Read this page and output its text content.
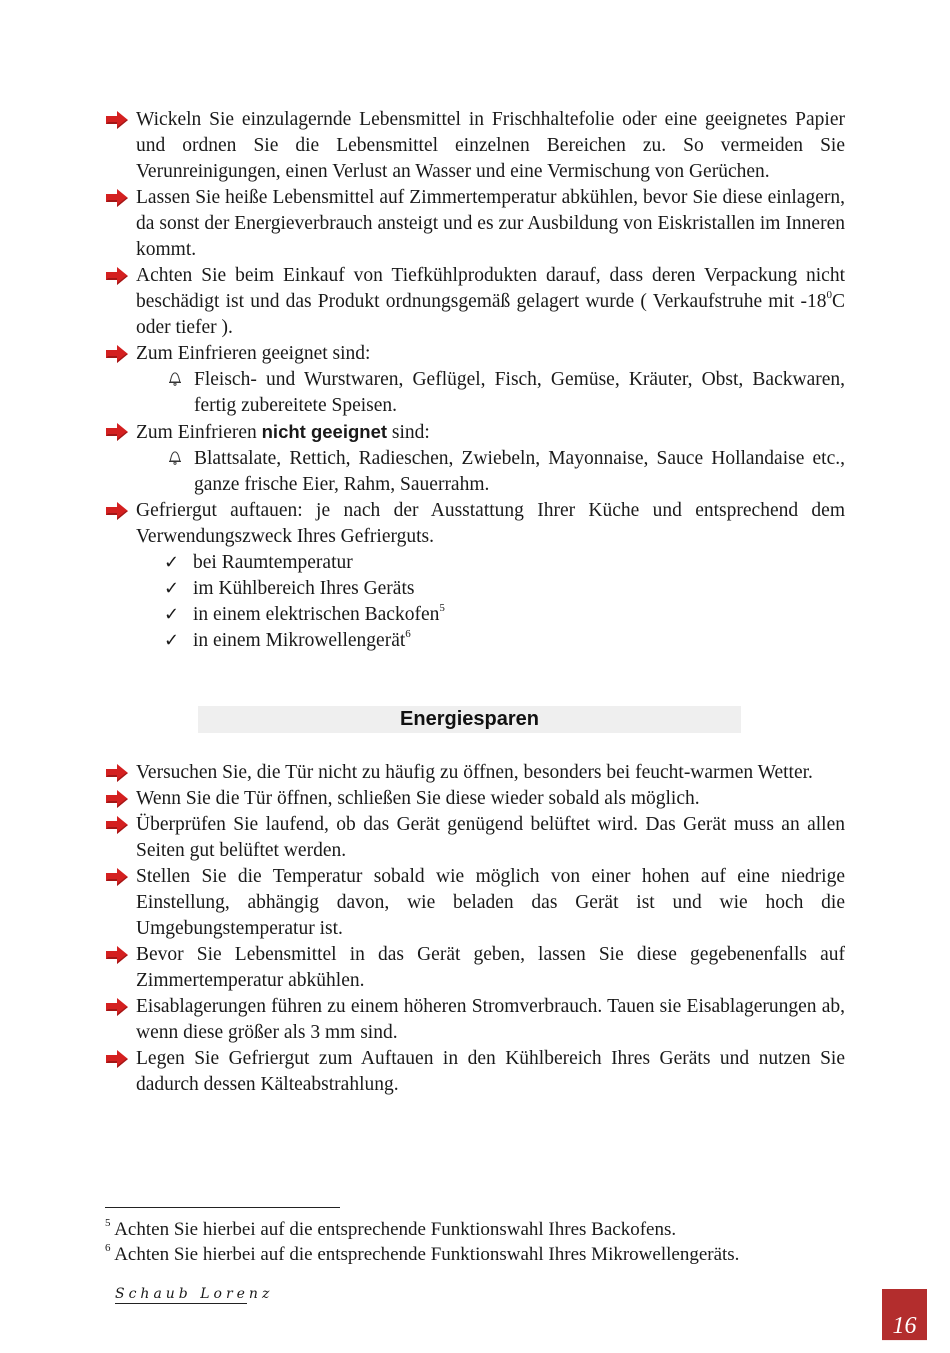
Wickeln Sie einzulagernde Lebensmittel in Frischhaltefolie oder eine geeignetes Papier und ordnen Sie die Lebensmittel einzelnen Bereichen zu. So vermeiden Sie Verunreinigungen, einen Verlust an Wasser und eine Vermischung von Gerüchen.
Lassen Sie heiße Lebensmittel auf Zimmertemperatur abkühlen, bevor Sie diese einlagern, da sonst der Energieverbrauch ansteigt und es zur Ausbildung von Eiskristallen im Inneren kommt.
Achten Sie beim Einkauf von Tiefkühlprodukten darauf, dass deren Verpackung nicht beschädigt ist und das Produkt ordnungsgemäß gelagert wurde ( Verkaufstruhe mit $-18^0C$ oder tiefer ).
Zum Einfrieren geeignet sind:
Fleisch- und Wurstwaren, Geflügel, Fisch, Gemüse, Kräuter, Obst, Backwaren, fertig zubereitete Speisen.
Zum Einfrieren nicht geeignet sind:
Blattsalate, Rettich, Radieschen, Zwiebeln, Mayonnaise, Sauce Hollandaise etc., ganze frische Eier, Rahm, Sauerrahm.
Gefriergut auftauen: je nach der Ausstattung Ihrer Küche und entsprechend dem Verwendungszweck Ihres Gefrierguts.
✓ bei Raumtemperatur
✓ im Kühlbereich Ihres Geräts
✓ in einem elektrischen Backofen$^5$
✓ in einem Mikrowellengerät$^6$
Energiesparen
Versuchen Sie, die Tür nicht zu häufig zu öffnen, besonders bei feucht-warmen Wetter.
Wenn Sie die Tür öffnen, schließen Sie diese wieder sobald als möglich.
Überprüfen Sie laufend, ob das Gerät genügend belüftet wird. Das Gerät muss an allen Seiten gut belüftet werden.
Stellen Sie die Temperatur sobald wie möglich von einer hohen auf eine niedrige Einstellung, abhängig davon, wie beladen das Gerät ist und wie hoch die Umgebungstemperatur ist.
Bevor Sie Lebensmittel in das Gerät geben, lassen Sie diese gegebenenfalls auf Zimmertemperatur abkühlen.
Eisablagerungen führen zu einem höheren Stromverbrauch. Tauen sie Eisablagerungen ab, wenn diese größer als 3 mm sind.
Legen Sie Gefriergut zum Auftauen in den Kühlbereich Ihres Geräts und nutzen Sie dadurch dessen Kälteabstrahlung.
$^5$ Achten Sie hierbei auf die entsprechende Funktionswahl Ihres Backofens.
$^6$ Achten Sie hierbei auf die entsprechende Funktionswahl Ihres Mikrowellengeräts.
Schaub Lorenz
16
